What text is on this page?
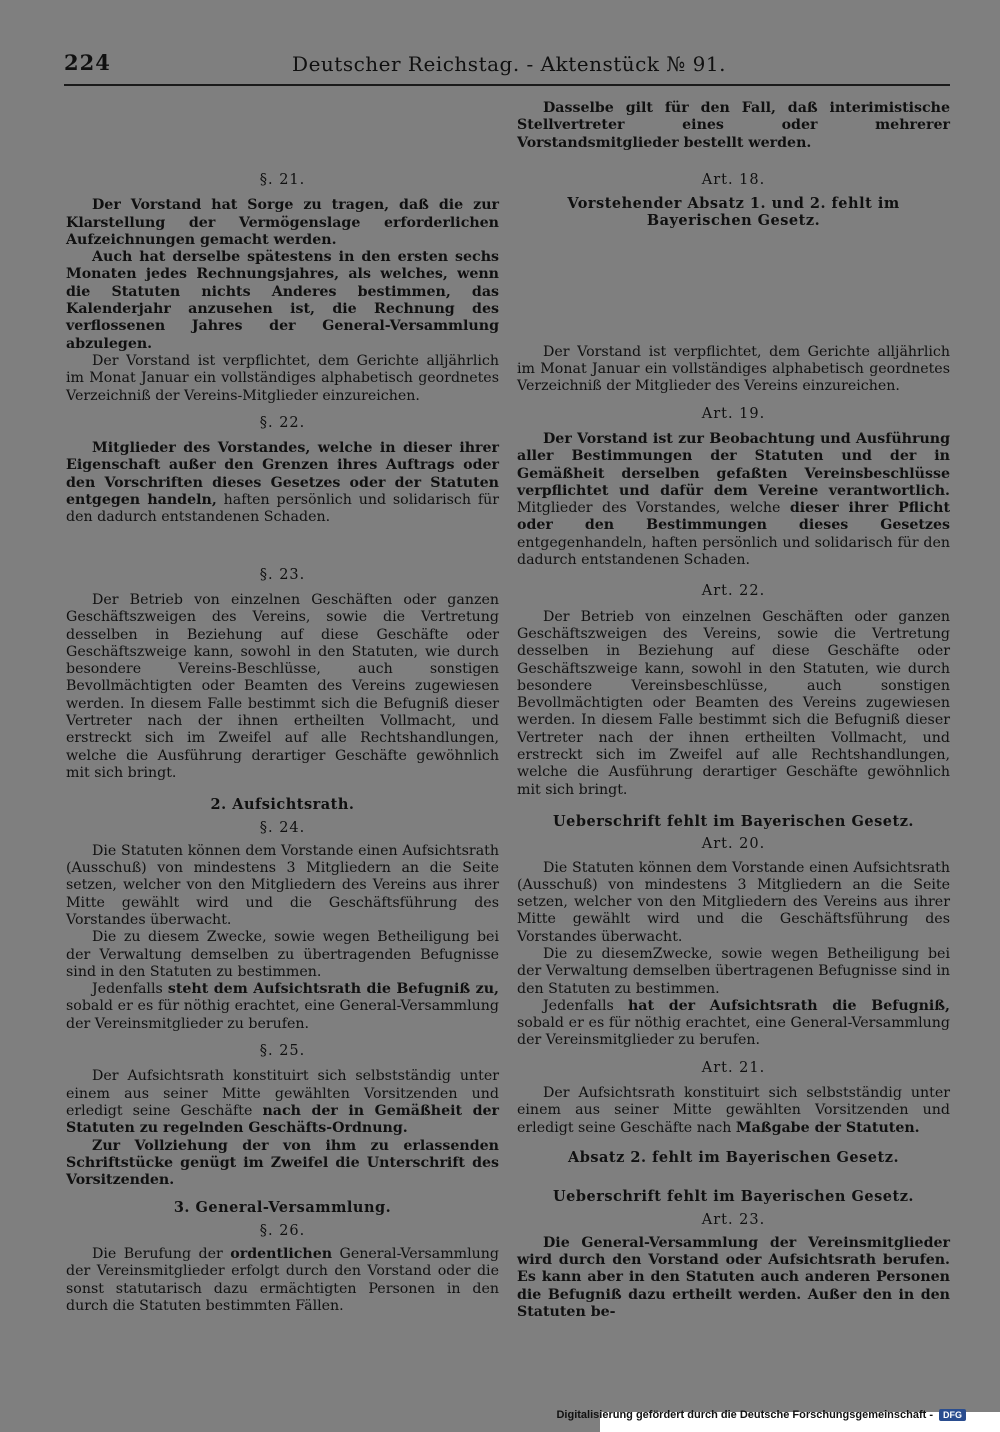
224	Deutscher Reichstag. - Aktenstück № 91.

§. 21.

Der Vorstand hat Sorge zu tragen, daß die zur Klarstellung der Vermögenslage erforderlichen Aufzeichnungen gemacht werden.

Auch hat derselbe spätestens in den ersten sechs Monaten jedes Rechnungsjahres, als welches, wenn die Statuten nichts Anderes bestimmen, das Kalenderjahr anzusehen ist, die Rechnung des verflossenen Jahres der General-Versammlung abzulegen.

Der Vorstand ist verpflichtet, dem Gerichte alljährlich im Monat Januar ein vollständiges alphabetisch geordnetes Verzeichniß der Vereins-Mitglieder einzureichen.

§. 22.

Mitglieder des Vorstandes, welche in dieser ihrer Eigenschaft außer den Grenzen ihres Auftrags oder den Vorschriften dieses Gesetzes oder der Statuten entgegen handeln, haften persönlich und solidarisch für den dadurch entstandenen Schaden.

§. 23.

Der Betrieb von einzelnen Geschäften oder ganzen Geschäftszweigen des Vereins, sowie die Vertretung desselben in Beziehung auf diese Geschäfte oder Geschäftszweige kann, sowohl in den Statuten, wie durch besondere Vereins-Beschlüsse, auch sonstigen Bevollmächtigten oder Beamten des Vereins zugewiesen werden. In diesem Falle bestimmt sich die Befugniß dieser Vertreter nach der ihnen ertheilten Vollmacht, und erstreckt sich im Zweifel auf alle Rechtshandlungen, welche die Ausführung derartiger Geschäfte gewöhnlich mit sich bringt.

2. Aufsichtsrath.

§. 24.

Die Statuten können dem Vorstande einen Aufsichtsrath (Ausschuß) von mindestens 3 Mitgliedern an die Seite setzen, welcher von den Mitgliedern des Vereins aus ihrer Mitte gewählt wird und die Geschäftsführung des Vorstandes überwacht.

Die zu diesem Zwecke, sowie wegen Betheiligung bei der Verwaltung demselben zu übertragenden Befugnisse sind in den Statuten zu bestimmen.

Jedenfalls steht dem Aufsichtsrath die Befugniß zu, sobald er es für nöthig erachtet, eine General-Versammlung der Vereinsmitglieder zu berufen.

§. 25.

Der Aufsichtsrath konstituirt sich selbstständig unter einem aus seiner Mitte gewählten Vorsitzenden und erledigt seine Geschäfte nach der in Gemäßheit der Statuten zu regelnden Geschäfts-Ordnung.

Zur Vollziehung der von ihm zu erlassenden Schriftstücke genügt im Zweifel die Unterschrift des Vorsitzenden.

3. General-Versammlung.

§. 26.

Die Berufung der ordentlichen General-Versammlung der Vereinsmitglieder erfolgt durch den Vorstand oder die sonst statutarisch dazu ermächtigten Personen in den durch die Statuten bestimmten Fällen.

Dasselbe gilt für den Fall, daß interimistische Stellvertreter eines oder mehrerer Vorstandsmitglieder bestellt werden.

Art. 18.

Vorstehender Absatz 1. und 2. fehlt im Bayerischen Gesetz.

Der Vorstand ist verpflichtet, dem Gerichte alljährlich im Monat Januar ein vollständiges alphabetisch geordnetes Verzeichniß der Mitglieder des Vereins einzureichen.

Art. 19.

Der Vorstand ist zur Beobachtung und Ausführung aller Bestimmungen der Statuten und der in Gemäßheit derselben gefaßten Vereinsbeschlüsse verpflichtet und dafür dem Vereine verantwortlich. Mitglieder des Vorstandes, welche dieser ihrer Pflicht oder den Bestimmungen dieses Gesetzes entgegenhandeln, haften persönlich und solidarisch für den dadurch entstandenen Schaden.

Art. 22.

Der Betrieb von einzelnen Geschäften oder ganzen Geschäftszweigen des Vereins, sowie die Vertretung desselben in Beziehung auf diese Geschäfte oder Geschäftszweige kann, sowohl in den Statuten, wie durch besondere Vereinsbeschlüsse, auch sonstigen Bevollmächtigten oder Beamten des Vereins zugewiesen werden. In diesem Falle bestimmt sich die Befugniß dieser Vertreter nach der ihnen ertheilten Vollmacht, und erstreckt sich im Zweifel auf alle Rechtshandlungen, welche die Ausführung derartiger Geschäfte gewöhnlich mit sich bringt.

Ueberschrift fehlt im Bayerischen Gesetz.

Art. 20.

Die Statuten können dem Vorstande einen Aufsichtsrath (Ausschuß) von mindestens 3 Mitgliedern an die Seite setzen, welcher von den Mitgliedern des Vereins aus ihrer Mitte gewählt wird und die Geschäftsführung des Vorstandes überwacht.

Die zu diesemZwecke, sowie wegen Betheiligung bei der Verwaltung demselben übertragenen Befugnisse sind in den Statuten zu bestimmen.

Jedenfalls hat der Aufsichtsrath die Befugniß, sobald er es für nöthig erachtet, eine General-Versammlung der Vereinsmitglieder zu berufen.

Art. 21.

Der Aufsichtsrath konstituirt sich selbstständig unter einem aus seiner Mitte gewählten Vorsitzenden und erledigt seine Geschäfte nach Maßgabe der Statuten.

Absatz 2. fehlt im Bayerischen Gesetz.

Ueberschrift fehlt im Bayerischen Gesetz.

Art. 23.

Die General-Versammlung der Vereinsmitglieder wird durch den Vorstand oder Aufsichtsrath berufen. Es kann aber in den Statuten auch anderen Personen die Befugniß dazu ertheilt werden. Außer den in den Statuten be-

Digitalisierung gefördert durch die Deutsche Forschungsgemeinschaft -	DFG
